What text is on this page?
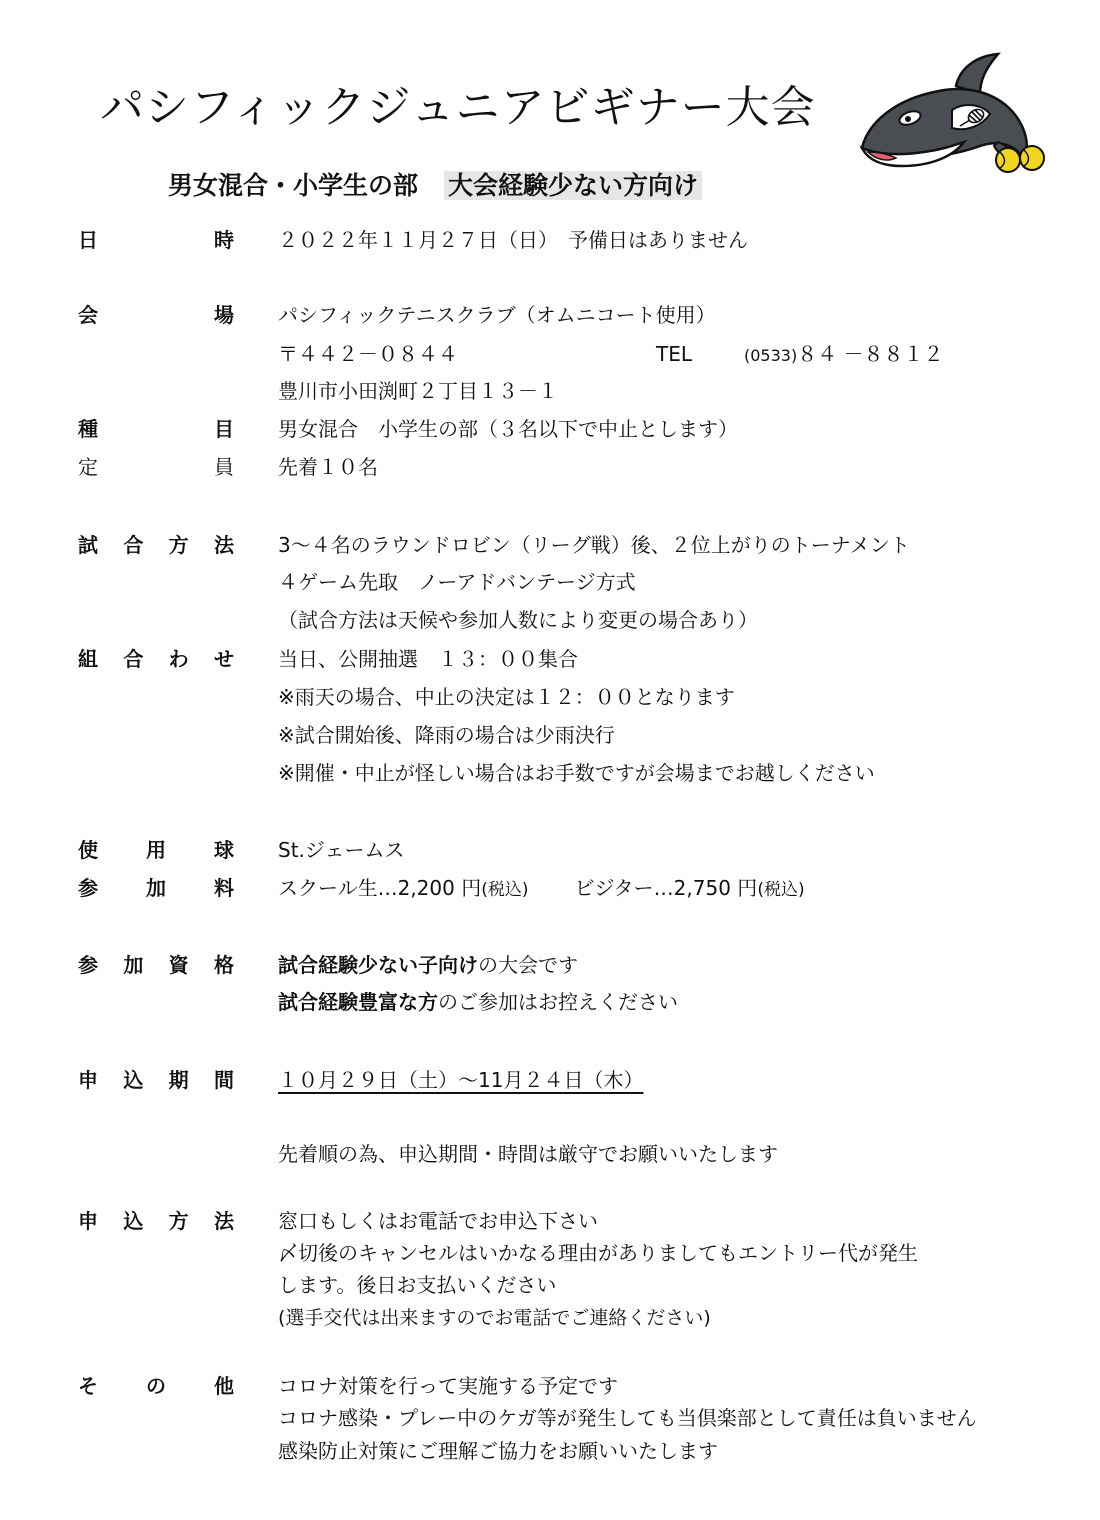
パシフィックジュニアビギナー大会
男女混合・小学生の部 大会経験少ない方向け
日	時 ２０２２年１１月２７日（日）　予備日はありません
会	場 パシフィックテニスクラブ（オムニコート使用）
〒４４２－０８４４	TEL	(0533)８４ －８８１２
豊川市小田渕町２丁目１３－１
種	目 男女混合　小学生の部（３名以下で中止とします）
定	員 先着１０名
試 合 方 法 3～４名のラウンドロビン（リーグ戦）後、２位上がりのトーナメント
４ゲーム先取　ノーアドバンテージ方式
（試合方法は天候や参加人数により変更の場合あり）
組 合 わ せ 当日、公開抽選　１３：００集合
※雨天の場合、中止の決定は１２：００となります
※試合開始後、降雨の場合は少雨決行
※開催・中止が怪しい場合はお手数ですが会場までお越しください
使 用 球 St.ジェームス
参 加 料 スクール生…2,200 円(税込) ビジター…2,750 円(税込)
参 加 資 格 試合経験少ない子向けの大会です
試合経験豊富な方のご参加はお控えください
申 込 期 間 １０月２９日（土）～11月２４日（木）
先着順の為、申込期間・時間は厳守でお願いいたします
申 込 方 法 窓口もしくはお電話でお申込下さい
〆切後のキャンセルはいかなる理由がありましてもエントリー代が発生
します。後日お支払いください
(選手交代は出来ますのでお電話でご連絡ください)
そ の 他 コロナ対策を行って実施する予定です
コロナ感染・プレー中のケガ等が発生しても当倶楽部として責任は負いません
感染防止対策にご理解ご協力をお願いいたします
